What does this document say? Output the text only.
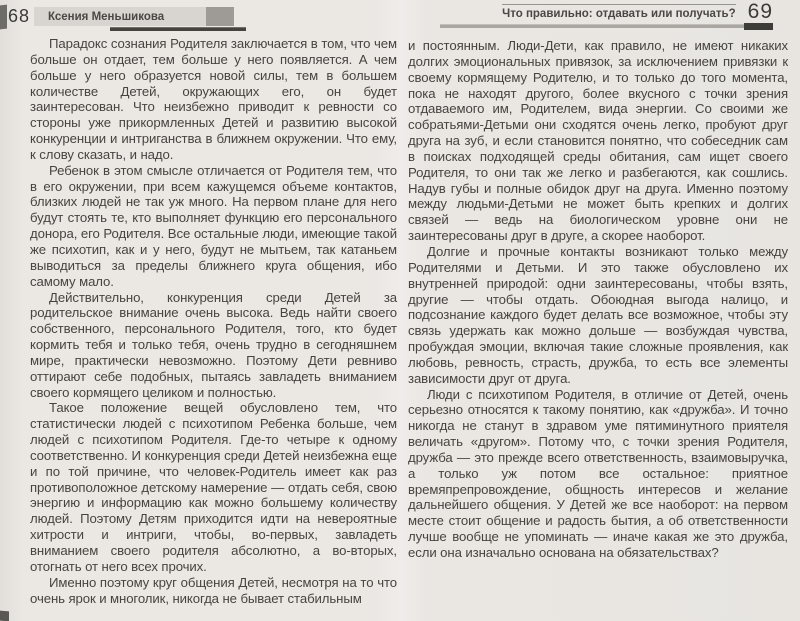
68 Ксения Меньшикова	Что правильно: отдавать или получать? 69

Парадокс сознания Родителя заключается в том, что чем больше он отдает, тем больше у него появляется. А чем больше у него образуется новой силы, тем в большем количестве Детей, окружающих его, он будет заинтересован. Что неизбежно приводит к ревности со стороны уже прикормленных Детей и развитию высокой конкуренции и интриганства в ближнем окружении. Что ему, к слову сказать, и надо.

Ребенок в этом смысле отличается от Родителя тем, что в его окружении, при всем кажущемся объеме контактов, близких людей не так уж много. На первом плане для него будут стоять те, кто выполняет функцию его персонального донора, его Родителя. Все остальные люди, имеющие такой же психотип, как и у него, будут не мытьем, так катаньем выводиться за пределы ближнего круга общения, ибо самому мало.

Действительно, конкуренция среди Детей за родительское внимание очень высока. Ведь найти своего собственного, персонального Родителя, того, кто будет кормить тебя и только тебя, очень трудно в сегодняшнем мире, практически невозможно. Поэтому Дети ревниво оттирают себе подобных, пытаясь завладеть вниманием своего кормящего целиком и полностью.

Такое положение вещей обусловлено тем, что статистически людей с психотипом Ребенка больше, чем людей с психотипом Родителя. Где-то четыре к одному соответственно. И конкуренция среди Детей неизбежна еще и по той причине, что человек-Родитель имеет как раз противоположное детскому намерение — отдать себя, свою энергию и информацию как можно большему количеству людей. Поэтому Детям приходится идти на невероятные хитрости и интриги, чтобы, во-первых, завладеть вниманием своего родителя абсолютно, а во-вторых, отогнать от него всех прочих.

Именно поэтому круг общения Детей, несмотря на то что очень ярок и многолик, никогда не бывает стабильным

и постоянным. Люди-Дети, как правило, не имеют никаких долгих эмоциональных привязок, за исключением привязки к своему кормящему Родителю, и то только до того момента, пока не находят другого, более вкусного с точки зрения отдаваемого им, Родителем, вида энергии. Со своими же собратьями-Детьми они сходятся очень легко, пробуют друг друга на зуб, и если становится понятно, что собеседник сам в поисках подходящей среды обитания, сам ищет своего Родителя, то они так же легко и разбегаются, как сошлись. Надув губы и полные обидок друг на друга. Именно поэтому между людьми-Детьми не может быть крепких и долгих связей — ведь на биологическом уровне они не заинтересованы друг в друге, а скорее наоборот.

Долгие и прочные контакты возникают только между Родителями и Детьми. И это также обусловлено их внутренней природой: одни заинтересованы, чтобы взять, другие — чтобы отдать. Обоюдная выгода налицо, и подсознание каждого будет делать все возможное, чтобы эту связь удержать как можно дольше — возбуждая чувства, пробуждая эмоции, включая такие сложные проявления, как любовь, ревность, страсть, дружба, то есть все элементы зависимости друг от друга.

Люди с психотипом Родителя, в отличие от Детей, очень серьезно относятся к такому понятию, как «дружба». И точно никогда не станут в здравом уме пятиминутного приятеля величать «другом». Потому что, с точки зрения Родителя, дружба — это прежде всего ответственность, взаимовыручка, а только уж потом все остальное: приятное времяпрепровождение, общность интересов и желание дальнейшего общения. У Детей же все наоборот: на первом месте стоит общение и радость бытия, а об ответственности лучше вообще не упоминать — иначе какая же это дружба, если она изначально основана на обязательствах?
